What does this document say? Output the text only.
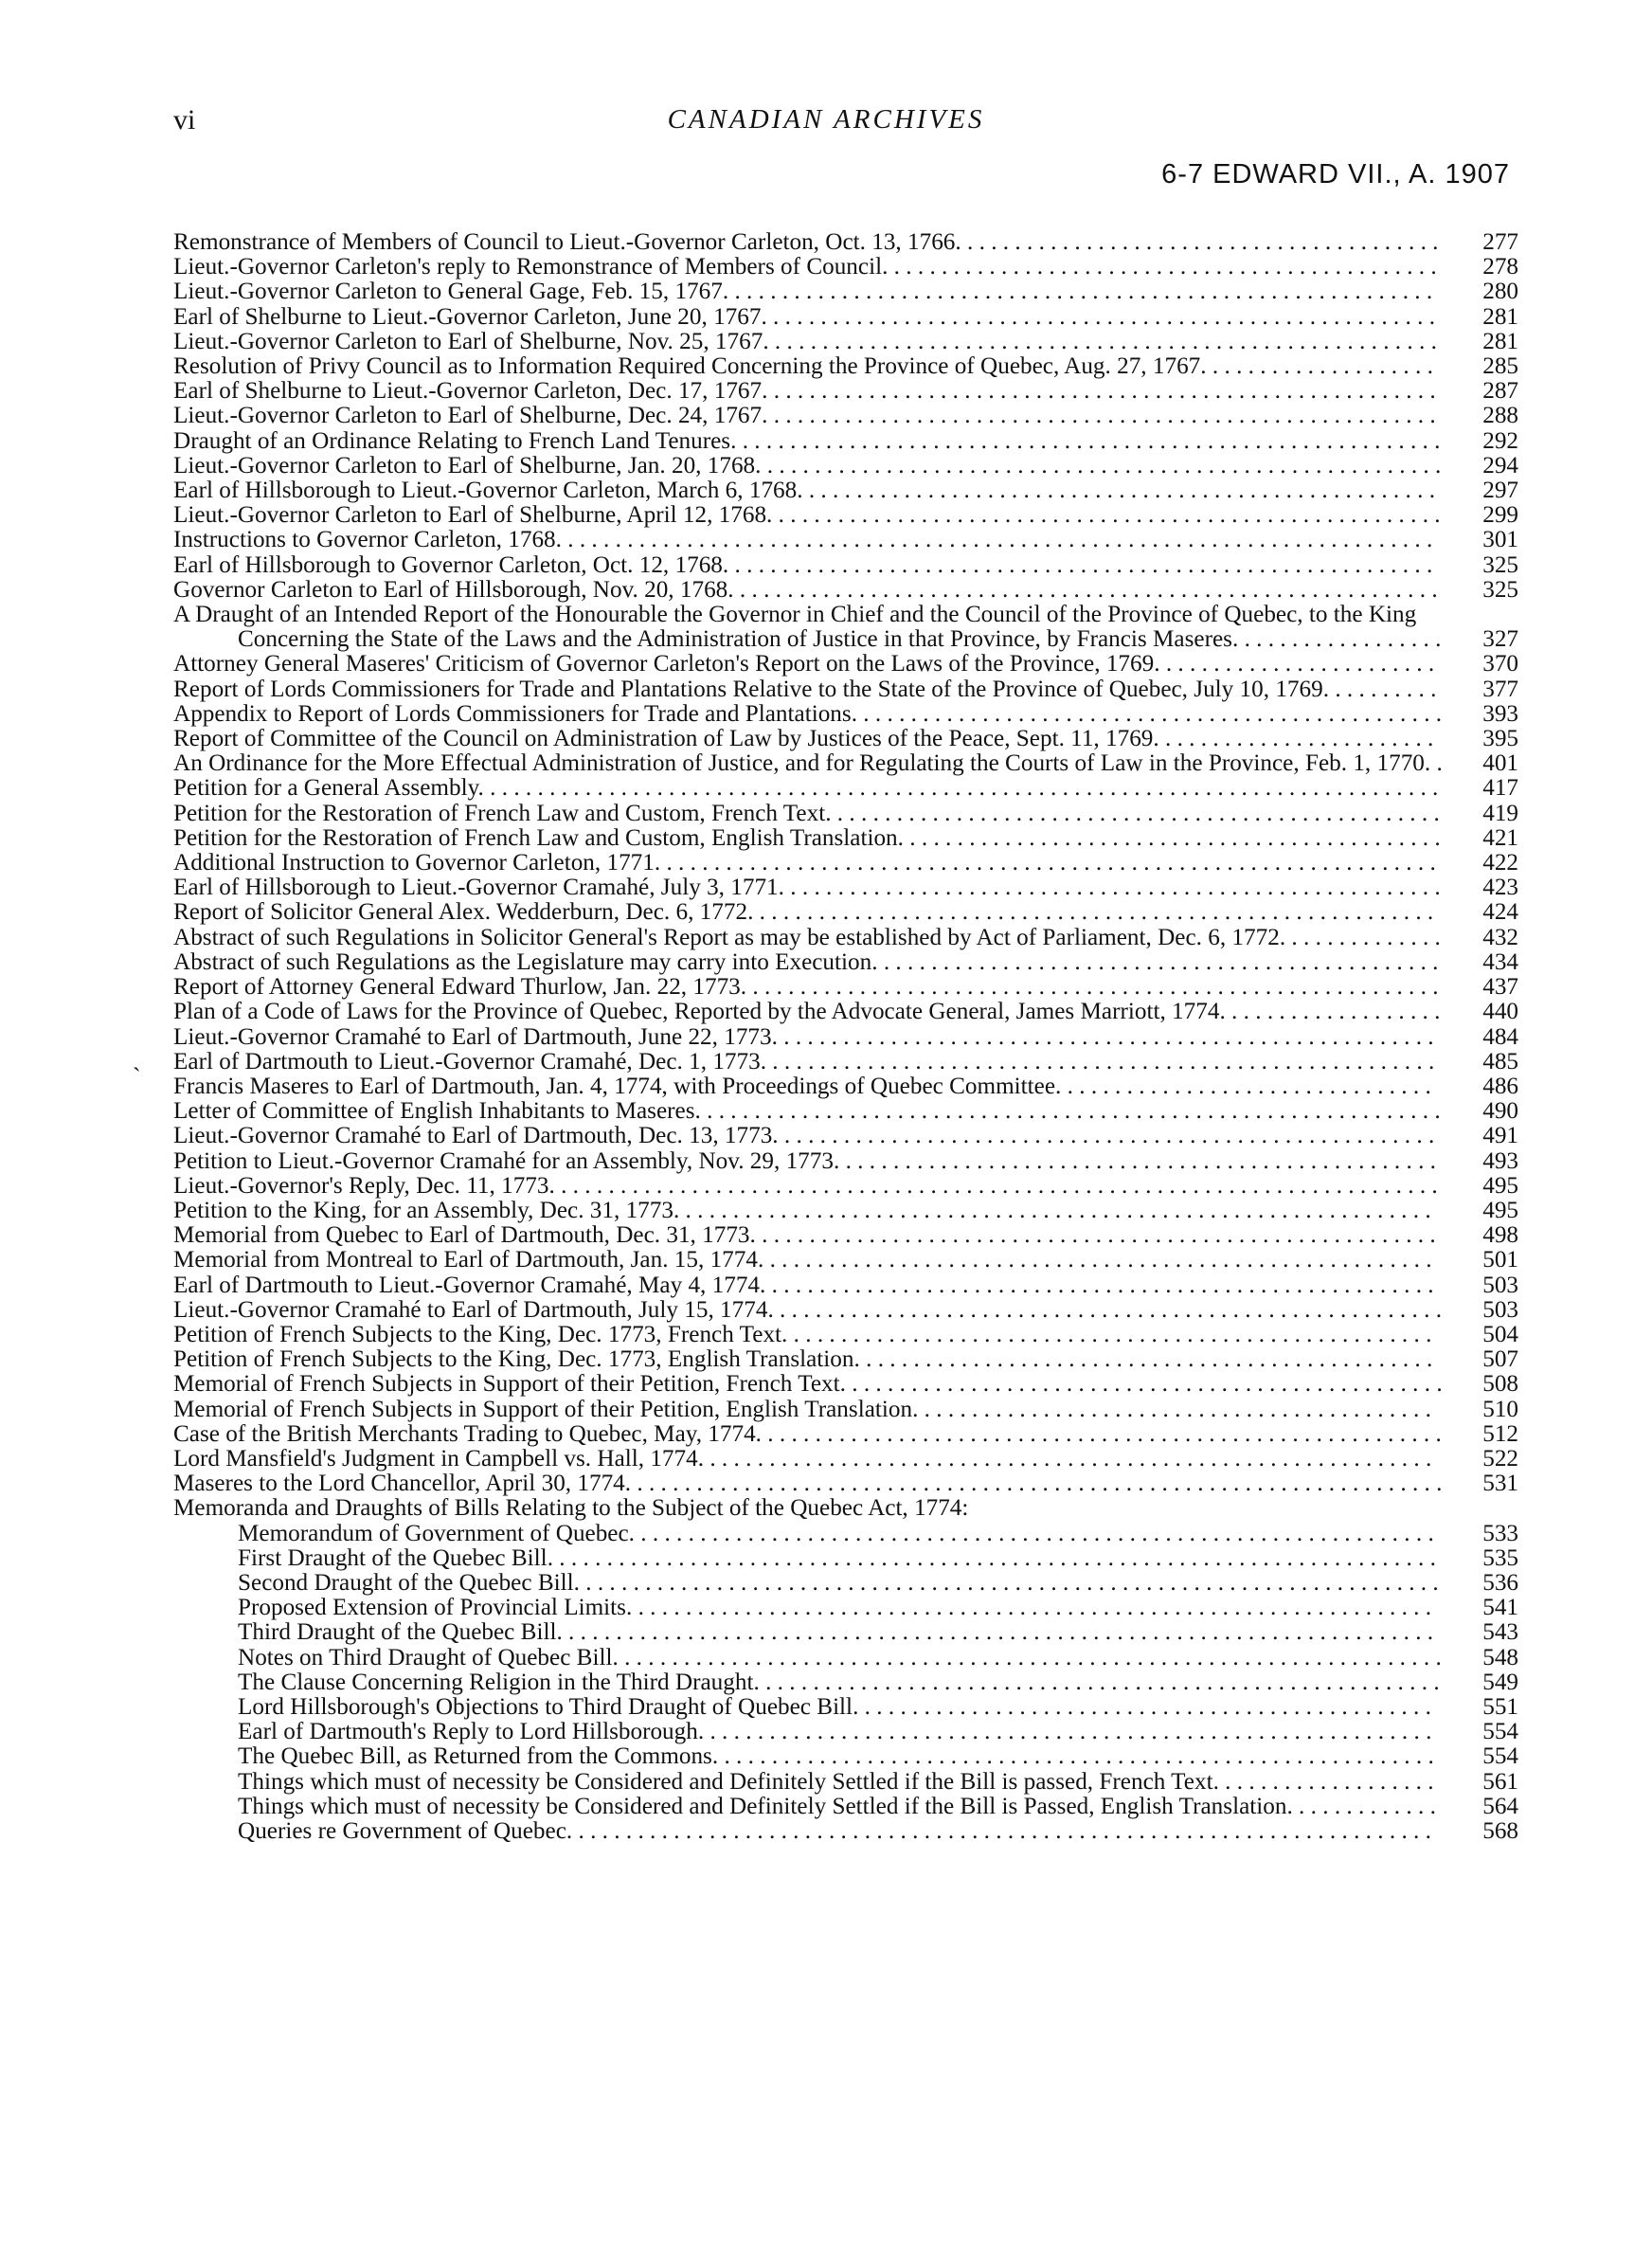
vi	CANADIAN ARCHIVES
6-7 EDWARD VII., A. 1907
Remonstrance of Members of Council to Lieut.-Governor Carleton, Oct. 13, 1766. . . . . . . . . . . . . . . . . . . . . . . . . . . . . . . . . . . . . . . . .	277
Lieut.-Governor Carleton's reply to Remonstrance of Members of Council. . . . . . . . . . . . . . . . . . . . . . . . . . . . . . . . . . . . . . . . . . . . . . .	278
Lieut.-Governor Carleton to General Gage, Feb. 15, 1767. . . . . . . . . . . . . . . . . . . . . . . . . . . . . . . . . . . . . . . . . . . . . . . . . . . . . . . . . . . .	280
Earl of Shelburne to Lieut.-Governor Carleton, June 20, 1767. . . . . . . . . . . . . . . . . . . . . . . . . . . . . . . . . . . . . . . . . . . . . . . . . . . . . . . . .	281
Lieut.-Governor Carleton to Earl of Shelburne, Nov. 25, 1767. . . . . . . . . . . . . . . . . . . . . . . . . . . . . . . . . . . . . . . . . . . . . . . . . . . . . . . . .	281
Resolution of Privy Council as to Information Required Concerning the Province of Quebec, Aug. 27, 1767. . . . . . . . . . . . . . . . . . . .	285
Earl of Shelburne to Lieut.-Governor Carleton, Dec. 17, 1767. . . . . . . . . . . . . . . . . . . . . . . . . . . . . . . . . . . . . . . . . . . . . . . . . . . . . . . . .	287
Lieut.-Governor Carleton to Earl of Shelburne, Dec. 24, 1767. . . . . . . . . . . . . . . . . . . . . . . . . . . . . . . . . . . . . . . . . . . . . . . . . . . . . . . . .	288
Draught of an Ordinance Relating to French Land Tenures. . . . . . . . . . . . . . . . . . . . . . . . . . . . . . . . . . . . . . . . . . . . . . . . . . . . . . . . . . . .	292
Lieut.-Governor Carleton to Earl of Shelburne, Jan. 20, 1768. . . . . . . . . . . . . . . . . . . . . . . . . . . . . . . . . . . . . . . . . . . . . . . . . . . . . . . . . .	294
Earl of Hillsborough to Lieut.-Governor Carleton, March 6, 1768. . . . . . . . . . . . . . . . . . . . . . . . . . . . . . . . . . . . . . . . . . . . . . . . . . . . . .	297
Lieut.-Governor Carleton to Earl of Shelburne, April 12, 1768. . . . . . . . . . . . . . . . . . . . . . . . . . . . . . . . . . . . . . . . . . . . . . . . . . . . . . . . .	299
Instructions to Governor Carleton, 1768. . . . . . . . . . . . . . . . . . . . . . . . . . . . . . . . . . . . . . . . . . . . . . . . . . . . . . . . . . . . . . . . . . . . . . . . . .	301
Earl of Hillsborough to Governor Carleton, Oct. 12, 1768. . . . . . . . . . . . . . . . . . . . . . . . . . . . . . . . . . . . . . . . . . . . . . . . . . . . . . . . . . . .	325
Governor Carleton to Earl of Hillsborough, Nov. 20, 1768. . . . . . . . . . . . . . . . . . . . . . . . . . . . . . . . . . . . . . . . . . . . . . . . . . . . . . . . . . . .	325
A Draught of an Intended Report of the Honourable the Governor in Chief and the Council of the Province of Quebec, to the King Concerning the State of the Laws and the Administration of Justice in that Province, by Francis Maseres. . . . . . . . . . . . . . . . . .	327
Attorney General Maseres' Criticism of Governor Carleton's Report on the Laws of the Province, 1769. . . . . . . . . . . . . . . . . . . . . . . .	370
Report of Lords Commissioners for Trade and Plantations Relative to the State of the Province of Quebec, July 10, 1769. . . . . . . . . .	377
Appendix to Report of Lords Commissioners for Trade and Plantations. . . . . . . . . . . . . . . . . . . . . . . . . . . . . . . . . . . . . . . . . . . . . . . . . .	393
Report of Committee of the Council on Administration of Law by Justices of the Peace, Sept. 11, 1769. . . . . . . . . . . . . . . . . . . . . . . .	395
An Ordinance for the More Effectual Administration of Justice, and for Regulating the Courts of Law in the Province, Feb. 1, 1770. .	401
Petition for a General Assembly. . . . . . . . . . . . . . . . . . . . . . . . . . . . . . . . . . . . . . . . . . . . . . . . . . . . . . . . . . . . . . . . . . . . . . . . . . . . . . . . .	417
Petition for the Restoration of French Law and Custom, French Text. . . . . . . . . . . . . . . . . . . . . . . . . . . . . . . . . . . . . . . . . . . . . . . . . . . .	419
Petition for the Restoration of French Law and Custom, English Translation. . . . . . . . . . . . . . . . . . . . . . . . . . . . . . . . . . . . . . . . . . . . . .	421
Additional Instruction to Governor Carleton, 1771. . . . . . . . . . . . . . . . . . . . . . . . . . . . . . . . . . . . . . . . . . . . . . . . . . . . . . . . . . . . . . . . . .	422
Earl of Hillsborough to Lieut.-Governor Cramahé, July 3, 1771. . . . . . . . . . . . . . . . . . . . . . . . . . . . . . . . . . . . . . . . . . . . . . . . . . . . . . . .	423
Report of Solicitor General Alex. Wedderburn, Dec. 6, 1772. . . . . . . . . . . . . . . . . . . . . . . . . . . . . . . . . . . . . . . . . . . . . . . . . . . . . . . . . .	424
Abstract of such Regulations in Solicitor General's Report as may be established by Act of Parliament, Dec. 6, 1772. . . . . . . . . . . . . .	432
Abstract of such Regulations as the Legislature may carry into Execution. . . . . . . . . . . . . . . . . . . . . . . . . . . . . . . . . . . . . . . . . . . . . . . .	434
Report of Attorney General Edward Thurlow, Jan. 22, 1773. . . . . . . . . . . . . . . . . . . . . . . . . . . . . . . . . . . . . . . . . . . . . . . . . . . . . . . . . . .	437
Plan of a Code of Laws for the Province of Quebec, Reported by the Advocate General, James Marriott, 1774. . . . . . . . . . . . . . . . . . .	440
Lieut.-Governor Cramahé to Earl of Dartmouth, June 22, 1773. . . . . . . . . . . . . . . . . . . . . . . . . . . . . . . . . . . . . . . . . . . . . . . . . . . . . . . .	484
Earl of Dartmouth to Lieut.-Governor Cramahé, Dec. 1, 1773. . . . . . . . . . . . . . . . . . . . . . . . . . . . . . . . . . . . . . . . . . . . . . . . . . . . . . . . .	485
Francis Maseres to Earl of Dartmouth, Jan. 4, 1774, with Proceedings of Quebec Committee. . . . . . . . . . . . . . . . . . . . . . . . . . . . . . . .	486
Letter of Committee of English Inhabitants to Maseres. . . . . . . . . . . . . . . . . . . . . . . . . . . . . . . . . . . . . . . . . . . . . . . . . . . . . . . . . . . . . . .	490
Lieut.-Governor Cramahé to Earl of Dartmouth, Dec. 13, 1773. . . . . . . . . . . . . . . . . . . . . . . . . . . . . . . . . . . . . . . . . . . . . . . . . . . . . . . .	491
Petition to Lieut.-Governor Cramahé for an Assembly, Nov. 29, 1773. . . . . . . . . . . . . . . . . . . . . . . . . . . . . . . . . . . . . . . . . . . . . . . . . . .	493
Lieut.-Governor's Reply, Dec. 11, 1773. . . . . . . . . . . . . . . . . . . . . . . . . . . . . . . . . . . . . . . . . . . . . . . . . . . . . . . . . . . . . . . . . . . . . . . . . . .	495
Petition to the King, for an Assembly, Dec. 31, 1773. . . . . . . . . . . . . . . . . . . . . . . . . . . . . . . . . . . . . . . . . . . . . . . . . . . . . . . . . . . . . . . .	495
Memorial from Quebec to Earl of Dartmouth, Dec. 31, 1773. . . . . . . . . . . . . . . . . . . . . . . . . . . . . . . . . . . . . . . . . . . . . . . . . . . . . . . . . .	498
Memorial from Montreal to Earl of Dartmouth, Jan. 15, 1774. . . . . . . . . . . . . . . . . . . . . . . . . . . . . . . . . . . . . . . . . . . . . . . . . . . . . . . . .	501
Earl of Dartmouth to Lieut.-Governor Cramahé, May 4, 1774. . . . . . . . . . . . . . . . . . . . . . . . . . . . . . . . . . . . . . . . . . . . . . . . . . . . . . . . .	503
Lieut.-Governor Cramahé to Earl of Dartmouth, July 15, 1774. . . . . . . . . . . . . . . . . . . . . . . . . . . . . . . . . . . . . . . . . . . . . . . . . . . . . . . . .	503
Petition of French Subjects to the King, Dec. 1773, French Text. . . . . . . . . . . . . . . . . . . . . . . . . . . . . . . . . . . . . . . . . . . . . . . . . . . . . . .	504
Petition of French Subjects to the King, Dec. 1773, English Translation. . . . . . . . . . . . . . . . . . . . . . . . . . . . . . . . . . . . . . . . . . . . . . . . .	507
Memorial of French Subjects in Support of their Petition, French Text. . . . . . . . . . . . . . . . . . . . . . . . . . . . . . . . . . . . . . . . . . . . . . . . . . .	508
Memorial of French Subjects in Support of their Petition, English Translation. . . . . . . . . . . . . . . . . . . . . . . . . . . . . . . . . . . . . . . . . . . .	510
Case of the British Merchants Trading to Quebec, May, 1774. . . . . . . . . . . . . . . . . . . . . . . . . . . . . . . . . . . . . . . . . . . . . . . . . . . . . . . . . .	512
Lord Mansfield's Judgment in Campbell vs. Hall, 1774. . . . . . . . . . . . . . . . . . . . . . . . . . . . . . . . . . . . . . . . . . . . . . . . . . . . . . . . . . . . . .	522
Maseres to the Lord Chancellor, April 30, 1774. . . . . . . . . . . . . . . . . . . . . . . . . . . . . . . . . . . . . . . . . . . . . . . . . . . . . . . . . . . . . . . . . . . . .	531
Memoranda and Draughts of Bills Relating to the Subject of the Quebec Act, 1774:
Memorandum of Government of Quebec. . . . . . . . . . . . . . . . . . . . . . . . . . . . . . . . . . . . . . . . . . . . . . . . . . . . . . . . . . . . . . . . . . . .	533
First Draught of the Quebec Bill. . . . . . . . . . . . . . . . . . . . . . . . . . . . . . . . . . . . . . . . . . . . . . . . . . . . . . . . . . . . . . . . . . . . . . . . . . .	535
Second Draught of the Quebec Bill. . . . . . . . . . . . . . . . . . . . . . . . . . . . . . . . . . . . . . . . . . . . . . . . . . . . . . . . . . . . . . . . . . . . . . . . .	536
Proposed Extension of Provincial Limits. . . . . . . . . . . . . . . . . . . . . . . . . . . . . . . . . . . . . . . . . . . . . . . . . . . . . . . . . . . . . . . . . . . .	541
Third Draught of the Quebec Bill. . . . . . . . . . . . . . . . . . . . . . . . . . . . . . . . . . . . . . . . . . . . . . . . . . . . . . . . . . . . . . . . . . . . . . . . . .	543
Notes on Third Draught of Quebec Bill. . . . . . . . . . . . . . . . . . . . . . . . . . . . . . . . . . . . . . . . . . . . . . . . . . . . . . . . . . . . . . . . . . . . . .	548
The Clause Concerning Religion in the Third Draught. . . . . . . . . . . . . . . . . . . . . . . . . . . . . . . . . . . . . . . . . . . . . . . . . . . . . . . . . .	549
Lord Hillsborough's Objections to Third Draught of Quebec Bill. . . . . . . . . . . . . . . . . . . . . . . . . . . . . . . . . . . . . . . . . . . . . . . . .	551
Earl of Dartmouth's Reply to Lord Hillsborough. . . . . . . . . . . . . . . . . . . . . . . . . . . . . . . . . . . . . . . . . . . . . . . . . . . . . . . . . . . . . .	554
The Quebec Bill, as Returned from the Commons. . . . . . . . . . . . . . . . . . . . . . . . . . . . . . . . . . . . . . . . . . . . . . . . . . . . . . . . . . . . .	554
Things which must of necessity be Considered and Definitely Settled if the Bill is passed, French Text. . . . . . . . . . . . . . . . . . .	561
Things which must of necessity be Considered and Definitely Settled if the Bill is Passed, English Translation. . . . . . . . . . . . .	564
Queries re Government of Quebec. . . . . . . . . . . . . . . . . . . . . . . . . . . . . . . . . . . . . . . . . . . . . . . . . . . . . . . . . . . . . . . . . . . . . . . . .	568
˴
